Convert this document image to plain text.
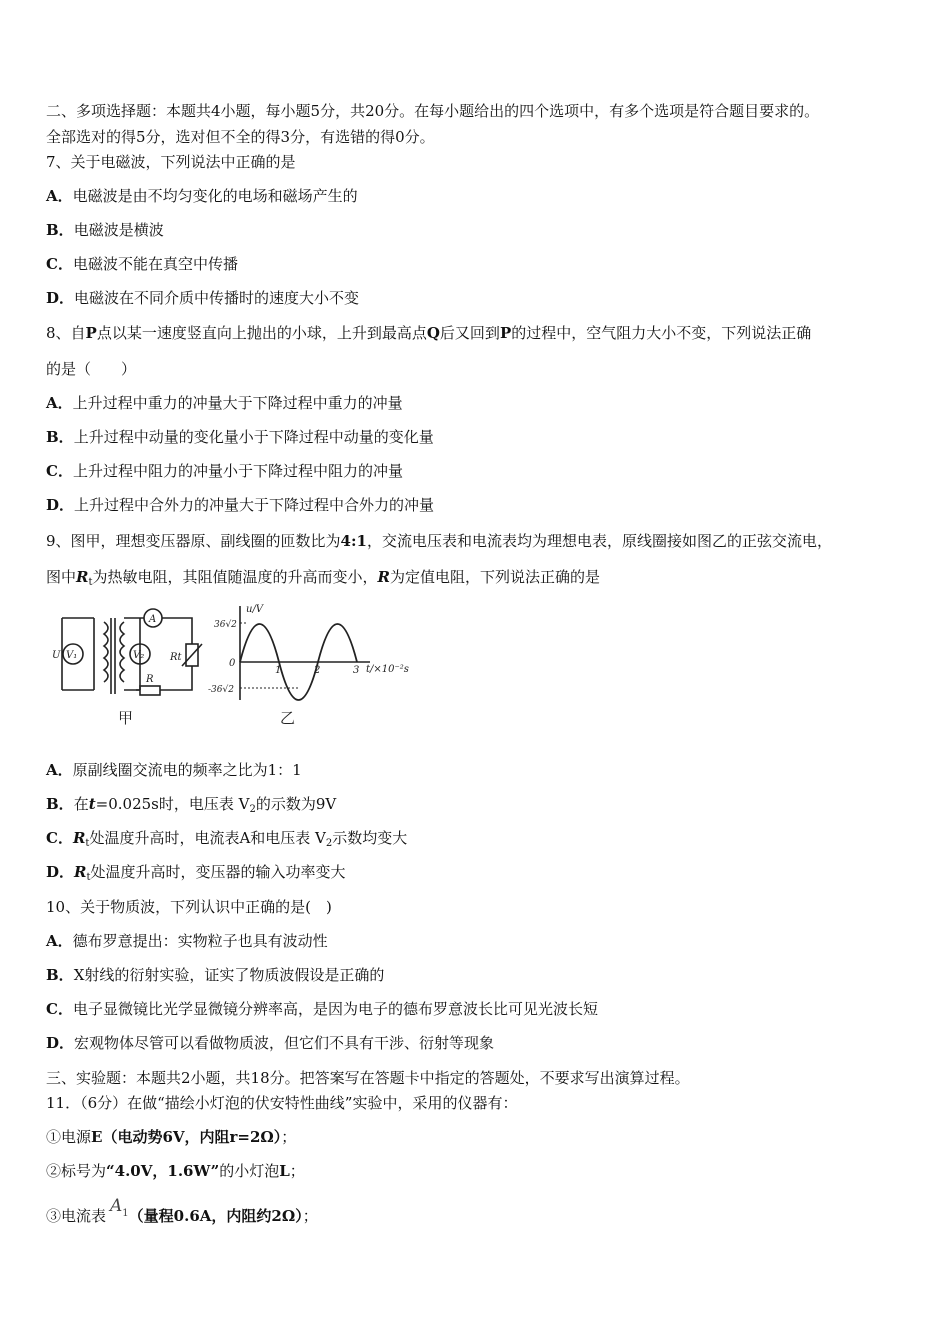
二、多项选择题：本题共4小题，每小题5分，共20分。在每小题给出的四个选项中，有多个选项是符合题目要求的。
全部选对的得5分，选对但不全的得3分，有选错的得0分。
7、关于电磁波，下列说法中正确的是
A．电磁波是由不均匀变化的电场和磁场产生的
B．电磁波是横波
C．电磁波不能在真空中传播
D．电磁波在不同介质中传播时的速度大小不变
8、自P点以某一速度竖直向上抛出的小球，上升到最高点Q后又回到P的过程中，空气阻力大小不变，下列说法正确
的是（　　）
A．上升过程中重力的冲量大于下降过程中重力的冲量
B．上升过程中动量的变化量小于下降过程中动量的变化量
C．上升过程中阻力的冲量小于下降过程中阻力的冲量
D．上升过程中合外力的冲量大于下降过程中合外力的冲量
9、图甲，理想变压器原、副线圈的匝数比为4:1，交流电压表和电流表均为理想电表，原线圈接如图乙的正弦交流电，
图中$R_t$为热敏电阻，其阻值随温度的升高而变小，R为定值电阻，下列说法正确的是
U V₁	V₂
A
Rt
R
甲
u/V
t/×10⁻²s
36√2
-36√2
0
1	2	3
乙
A．原副线圈交流电的频率之比为1：1
B．在t=0.025s时，电压表 $V_2$的示数为9V
C．$R_t$处温度升高时，电流表A和电压表 $V_2$示数均变大
D．$R_t$处温度升高时，变压器的输入功率变大
10、关于物质波，下列认识中正确的是(　)
A．德布罗意提出：实物粒子也具有波动性
B．X射线的衍射实验，证实了物质波假设是正确的
C．电子显微镜比光学显微镜分辨率高，是因为电子的德布罗意波长比可见光波长短
D．宏观物体尽管可以看做物质波，但它们不具有干涉、衍射等现象
三、实验题：本题共2小题，共18分。把答案写在答题卡中指定的答题处，不要求写出演算过程。
11．（6分）在做“描绘小灯泡的伏安特性曲线”实验中，采用的仪器有：
①电源E（电动势6V，内阻r=2Ω）；
②标号为“4.0V，1.6W”的小灯泡L；
③电流表 $A_1$（量程0.6A，内阻约2Ω）；
